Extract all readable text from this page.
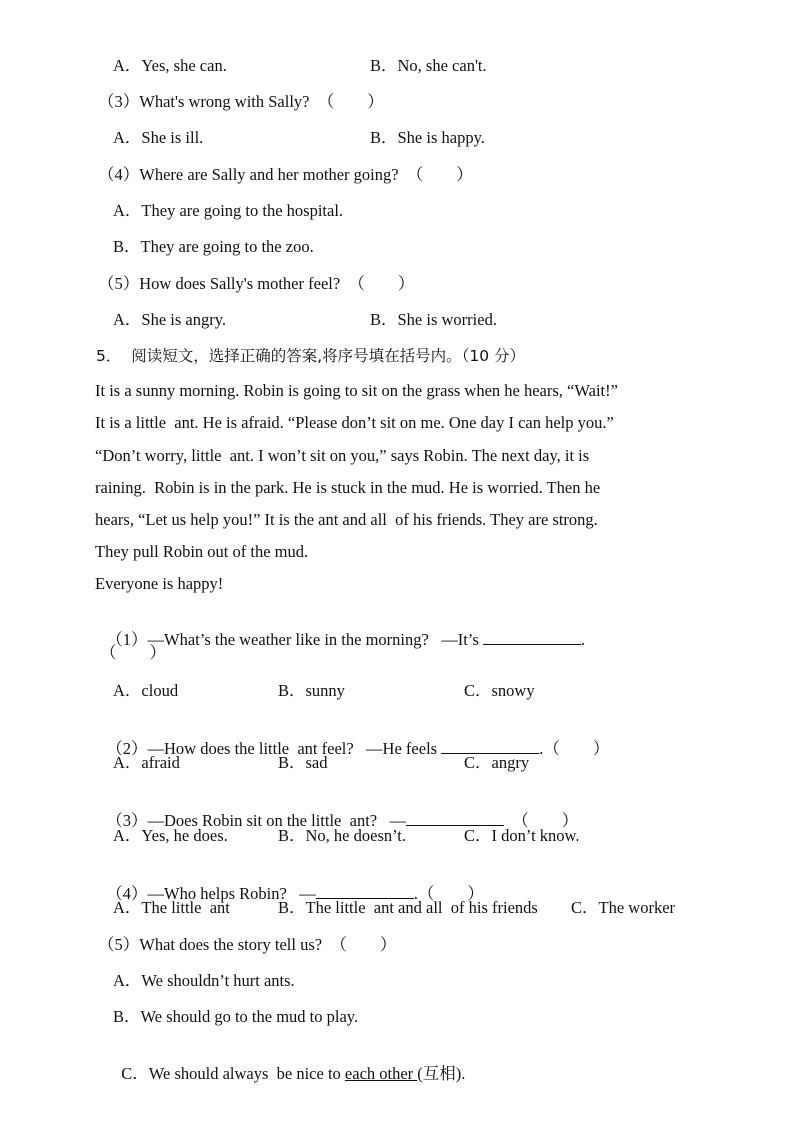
A．Yes, she can.	B．No, she can't.
（3）What's wrong with Sally?  （        ）
A．She is ill.	B．She is happy.
（4）Where are Sally and her mother going?  （        ）
A．They are going to the hospital.
B．They are going to the zoo.
（5）How does Sally's mother feel?  （        ）
A．She is angry.	B．She is worried.
5．  阅读短文，选择正确的答案,将序号填在括号内。（10 分）
It is a sunny morning. Robin is going to sit on the grass when he hears, “Wait!”
It is a little  ant. He is afraid. “Please don’t sit on me. One day I can help you.”
“Don’t worry, little  ant. I won’t sit on you,” says Robin. The next day, it is
raining.  Robin is in the park. He is stuck in the mud. He is worried. Then he
hears, “Let us help you!” It is the ant and all  of his friends. They are strong.
They pull Robin out of the mud.
Everyone is happy!

（1）—What’s the weather like in the morning?   —It’s	.

（        ）
A．cloud	B．sunny	C．snowy

（2）—How does the little  ant feel?   —He feels	.（        ）

A．afraid	B．sad	C．angry

（3）—Does Robin sit on the little  ant?   —	（        ）

A．Yes, he does.	B．No, he doesn’t.	C．I don’t know.

（4）—Who helps Robin?   —	.（        ）

A．The little  ant	B．The little  ant and all  of his friends C．The worker
（5）What does the story tell us?  （        ）
A．We shouldn’t hurt ants.
B．We should go to the mud to play.

C．We should always  be nice to each other (互相).
